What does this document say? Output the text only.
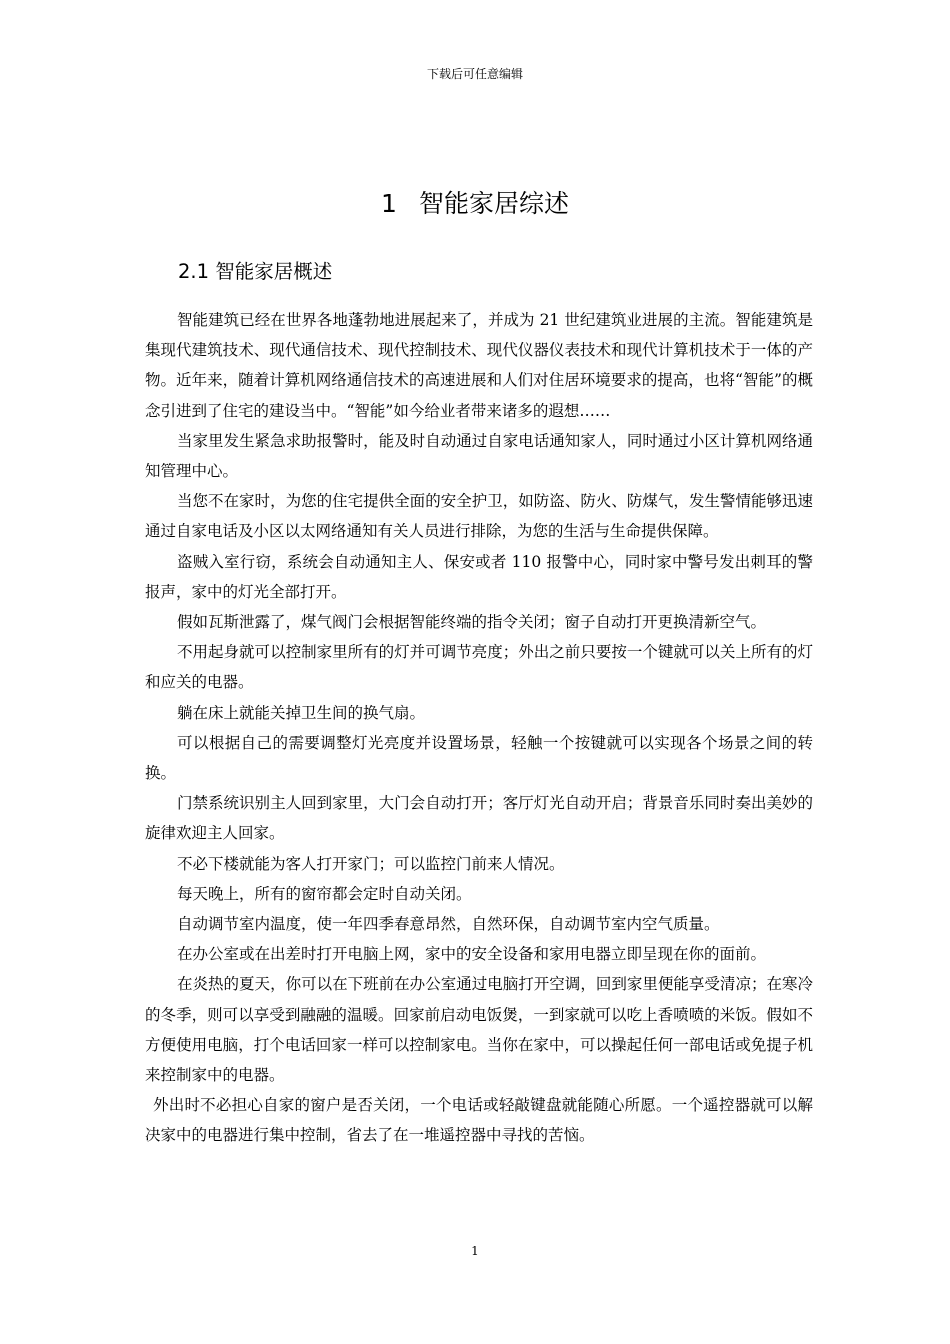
下载后可任意编辑
1 智能家居综述
2.1 智能家居概述

智能建筑已经在世界各地蓬勃地进展起来了，并成为 21 世纪建筑业进展的主流。智能建筑是集现代建筑技术、现代通信技术、现代控制技术、现代仪器仪表技术和现代计算机技术于一体的产物。近年来，随着计算机网络通信技术的高速进展和人们对住居环境要求的提高，也将“智能”的概念引进到了住宅的建设当中。“智能”如今给业者带来诸多的遐想……

当家里发生紧急求助报警时，能及时自动通过自家电话通知家人，同时通过小区计算机网络通知管理中心。

当您不在家时，为您的住宅提供全面的安全护卫，如防盗、防火、防煤气，发生警情能够迅速通过自家电话及小区以太网络通知有关人员进行排除，为您的生活与生命提供保障。

盗贼入室行窃，系统会自动通知主人、保安或者 110 报警中心，同时家中警号发出刺耳的警报声，家中的灯光全部打开。

假如瓦斯泄露了，煤气阀门会根据智能终端的指令关闭；窗子自动打开更换清新空气。

不用起身就可以控制家里所有的灯并可调节亮度；外出之前只要按一个键就可以关上所有的灯和应关的电器。

躺在床上就能关掉卫生间的换气扇。

可以根据自己的需要调整灯光亮度并设置场景，轻触一个按键就可以实现各个场景之间的转换。

门禁系统识别主人回到家里，大门会自动打开；客厅灯光自动开启；背景音乐同时奏出美妙的旋律欢迎主人回家。

不必下楼就能为客人打开家门；可以监控门前来人情况。

每天晚上，所有的窗帘都会定时自动关闭。

自动调节室内温度，使一年四季春意昂然，自然环保，自动调节室内空气质量。

在办公室或在出差时打开电脑上网，家中的安全设备和家用电器立即呈现在你的面前。

在炎热的夏天，你可以在下班前在办公室通过电脑打开空调，回到家里便能享受清凉；在寒冷的冬季，则可以享受到融融的温暖。回家前启动电饭煲，一到家就可以吃上香喷喷的米饭。假如不方便使用电脑，打个电话回家一样可以控制家电。当你在家中，可以操起任何一部电话或免提子机来控制家中的电器。

外出时不必担心自家的窗户是否关闭，一个电话或轻敲键盘就能随心所愿。一个遥控器就可以解决家中的电器进行集中控制，省去了在一堆遥控器中寻找的苦恼。

1
